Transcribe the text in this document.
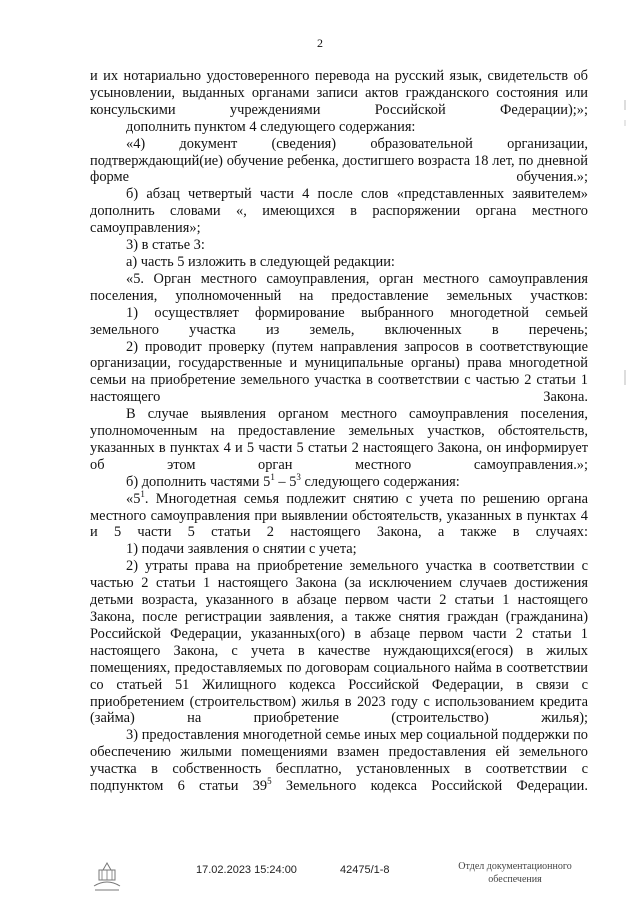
2

и их нотариально удостоверенного перевода на русский язык, свидетельств об усыновлении, выданных органами записи актов гражданского состояния или консульскими учреждениями Российской Федерации);»;

дополнить пунктом 4 следующего содержания:

«4) документ (сведения) образовательной организации, подтверждающий(ие) обучение ребенка, достигшего возраста 18 лет, по дневной форме обучения.»;

б) абзац четвертый части 4 после слов «представленных заявителем» дополнить словами «, имеющихся в распоряжении органа местного самоуправления»;

3) в статье 3:

а) часть 5 изложить в следующей редакции:

«5. Орган местного самоуправления, орган местного самоуправления поселения, уполномоченный на предоставление земельных участков:

1) осуществляет формирование выбранного многодетной семьей земельного участка из земель, включенных в перечень;

2) проводит проверку (путем направления запросов в соответствующие организации, государственные и муниципальные органы) права многодетной семьи на приобретение земельного участка в соответствии с частью 2 статьи 1 настоящего Закона.

В случае выявления органом местного самоуправления поселения, уполномоченным на предоставление земельных участков, обстоятельств, указанных в пунктах 4 и 5 части 5 статьи 2 настоящего Закона, он информирует об этом орган местного самоуправления.»;

б) дополнить частями $5^1 - 5^3$ следующего содержания:

«$5^1$. Многодетная семья подлежит снятию с учета по решению органа местного самоуправления при выявлении обстоятельств, указанных в пунктах 4 и 5 части 5 статьи 2 настоящего Закона, а также в случаях:

1) подачи заявления о снятии с учета;

2) утраты права на приобретение земельного участка в соответствии с частью 2 статьи 1 настоящего Закона (за исключением случаев достижения детьми возраста, указанного в абзаце первом части 2 статьи 1 настоящего Закона, после регистрации заявления, а также снятия граждан (гражданина) Российской Федерации, указанных(ого) в абзаце первом части 2 статьи 1 настоящего Закона, с учета в качестве нуждающихся(егося) в жилых помещениях, предоставляемых по договорам социального найма в соответствии со статьей 51 Жилищного кодекса Российской Федерации, в связи с приобретением (строительством) жилья в 2023 году с использованием кредита (займа) на приобретение (строительство) жилья);

3) предоставления многодетной семье иных мер социальной поддержки по обеспечению жилыми помещениями взамен предоставления ей земельного участка в собственность бесплатно, установленных в соответствии с подпунктом 6 статьи $39^5$ Земельного кодекса Российской Федерации.

17.02.2023 15:24:00	42475/1-8	Отдел документационного
обеспечения
